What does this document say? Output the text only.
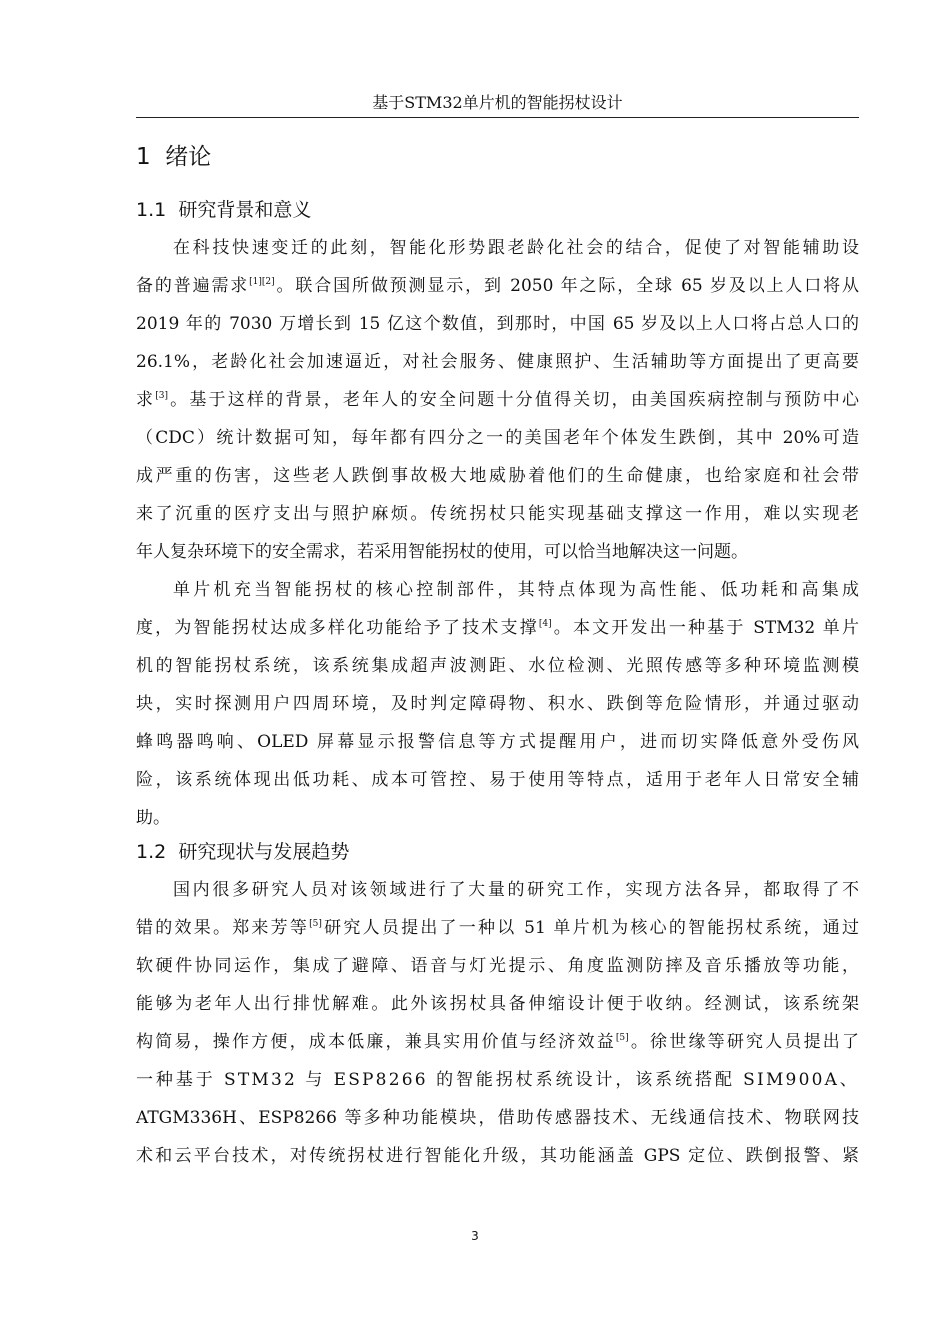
基于STM32单片机的智能拐杖设计
1 绪论
1.1 研究背景和意义
在科技快速变迁的此刻，智能化形势跟老龄化社会的结合，促使了对智能辅助设
备的普遍需求[1][2]。联合国所做预测显示，到 2050 年之际，全球 65 岁及以上人口将从
2019 年的 7030 万增长到 15 亿这个数值，到那时，中国 65 岁及以上人口将占总人口的
26.1%，老龄化社会加速逼近，对社会服务、健康照护、生活辅助等方面提出了更高要
求[3]。基于这样的背景，老年人的安全问题十分值得关切，由美国疾病控制与预防中心
（CDC）统计数据可知，每年都有四分之一的美国老年个体发生跌倒，其中 20%可造
成严重的伤害，这些老人跌倒事故极大地威胁着他们的生命健康，也给家庭和社会带
来了沉重的医疗支出与照护麻烦。传统拐杖只能实现基础支撑这一作用，难以实现老
年人复杂环境下的安全需求，若采用智能拐杖的使用，可以恰当地解决这一问题。
单片机充当智能拐杖的核心控制部件，其特点体现为高性能、低功耗和高集成
度，为智能拐杖达成多样化功能给予了技术支撑[4]。本文开发出一种基于 STM32 单片
机的智能拐杖系统，该系统集成超声波测距、水位检测、光照传感等多种环境监测模
块，实时探测用户四周环境，及时判定障碍物、积水、跌倒等危险情形，并通过驱动
蜂鸣器鸣响、OLED 屏幕显示报警信息等方式提醒用户，进而切实降低意外受伤风
险，该系统体现出低功耗、成本可管控、易于使用等特点，适用于老年人日常安全辅
助。
1.2 研究现状与发展趋势
国内很多研究人员对该领域进行了大量的研究工作，实现方法各异，都取得了不
错的效果。郑来芳等[5]研究人员提出了一种以 51 单片机为核心的智能拐杖系统，通过
软硬件协同运作，集成了避障、语音与灯光提示、角度监测防摔及音乐播放等功能，
能够为老年人出行排忧解难。此外该拐杖具备伸缩设计便于收纳。经测试，该系统架
构简易，操作方便，成本低廉，兼具实用价值与经济效益[5]。徐世缘等研究人员提出了
一种基于 STM32 与 ESP8266 的智能拐杖系统设计，该系统搭配 SIM900A、
ATGM336H、ESP8266 等多种功能模块，借助传感器技术、无线通信技术、物联网技
术和云平台技术，对传统拐杖进行智能化升级，其功能涵盖 GPS 定位、跌倒报警、紧
3
